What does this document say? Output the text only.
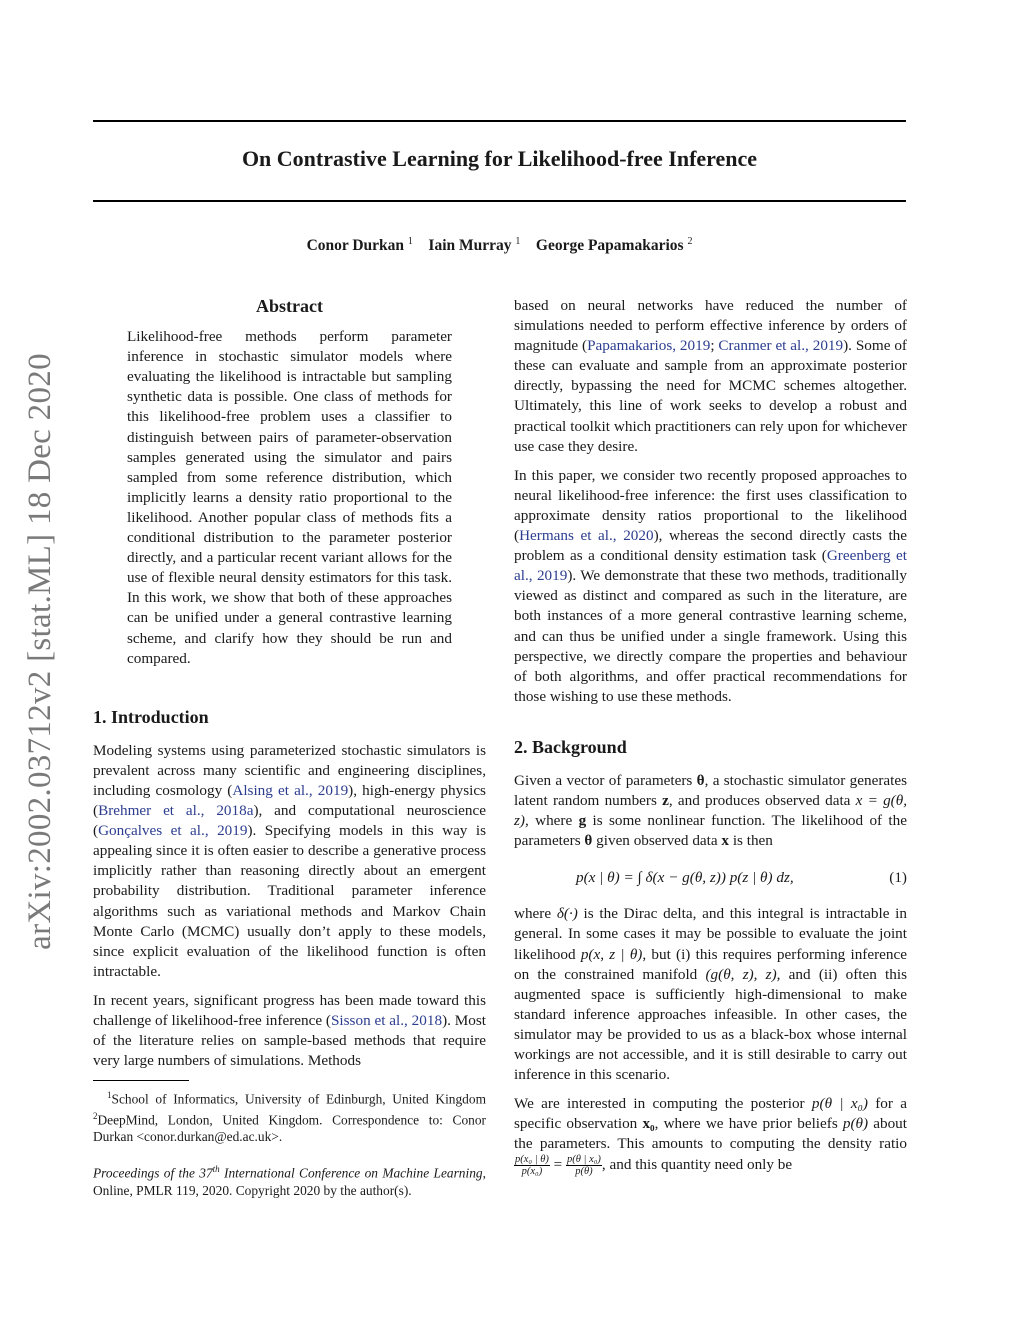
arXiv:2002.03712v2 [stat.ML] 18 Dec 2020
On Contrastive Learning for Likelihood-free Inference
Conor Durkan $^1$ Iain Murray $^1$ George Papamakarios $^2$
Abstract

Likelihood-free methods perform parameter inference in stochastic simulator models where evaluating the likelihood is intractable but sampling synthetic data is possible. One class of methods for this likelihood-free problem uses a classifier to distinguish between pairs of parameter-observation samples generated using the simulator and pairs sampled from some reference distribution, which implicitly learns a density ratio proportional to the likelihood. Another popular class of methods fits a conditional distribution to the parameter posterior directly, and a particular recent variant allows for the use of flexible neural density estimators for this task. In this work, we show that both of these approaches can be unified under a general contrastive learning scheme, and clarify how they should be run and compared.

1. Introduction

Modeling systems using parameterized stochastic simulators is prevalent across many scientific and engineering disciplines, including cosmology (Alsing et al., 2019), high-energy physics (Brehmer et al., 2018a), and computational neuroscience (Gonçalves et al., 2019). Specifying models in this way is appealing since it is often easier to describe a generative process implicitly rather than reasoning directly about an emergent probability distribution. Traditional parameter inference algorithms such as variational methods and Markov Chain Monte Carlo (MCMC) usually don’t apply to these models, since explicit evaluation of the likelihood function is often intractable.

In recent years, significant progress has been made toward this challenge of likelihood-free inference (Sisson et al., 2018). Most of the literature relies on sample-based methods that require very large numbers of simulations. Methods

$^1$School of Informatics, University of Edinburgh, United Kingdom $^2$DeepMind, London, United Kingdom. Correspondence to: Conor Durkan <conor.durkan@ed.ac.uk>.
Proceedings of the 37th International Conference on Machine Learning, Online, PMLR 119, 2020. Copyright 2020 by the author(s).

based on neural networks have reduced the number of simulations needed to perform effective inference by orders of magnitude (Papamakarios, 2019; Cranmer et al., 2019). Some of these can evaluate and sample from an approximate posterior directly, bypassing the need for MCMC schemes altogether. Ultimately, this line of work seeks to develop a robust and practical toolkit which practitioners can rely upon for whichever use case they desire.

In this paper, we consider two recently proposed approaches to neural likelihood-free inference: the first uses classification to approximate density ratios proportional to the likelihood (Hermans et al., 2020), whereas the second directly casts the problem as a conditional density estimation task (Greenberg et al., 2019). We demonstrate that these two methods, traditionally viewed as distinct and compared as such in the literature, are both instances of a more general contrastive learning scheme, and can thus be unified under a single framework. Using this perspective, we directly compare the properties and behaviour of both algorithms, and offer practical recommendations for those wishing to use these methods.

2. Background

Given a vector of parameters θ, a stochastic simulator generates latent random numbers z, and produces observed data x = g(θ, z), where g is some nonlinear function. The likelihood of the parameters θ given observed data x is then

p(x | θ) = ∫ δ(x − g(θ, z)) p(z | θ) dz,	(1)

where δ(·) is the Dirac delta, and this integral is intractable in general. In some cases it may be possible to evaluate the joint likelihood p(x, z | θ), but (i) this requires performing inference on the constrained manifold (g(θ, z), z), and (ii) often this augmented space is sufficiently high-dimensional to make standard inference approaches infeasible. In other cases, the simulator may be provided to us as a black-box whose internal workings are not accessible, and it is still desirable to carry out inference in this scenario.

We are interested in computing the posterior p(θ | x₀) for a specific observation x₀, where we have prior beliefs p(θ) about the parameters. This amounts to computing the density ratio
$\frac{\text{p(x₀ | θ)}}{\text{p(x₀)}} = \frac{\text{p(θ | x₀)}}{p(\theta)}$ , and this quantity need only be
